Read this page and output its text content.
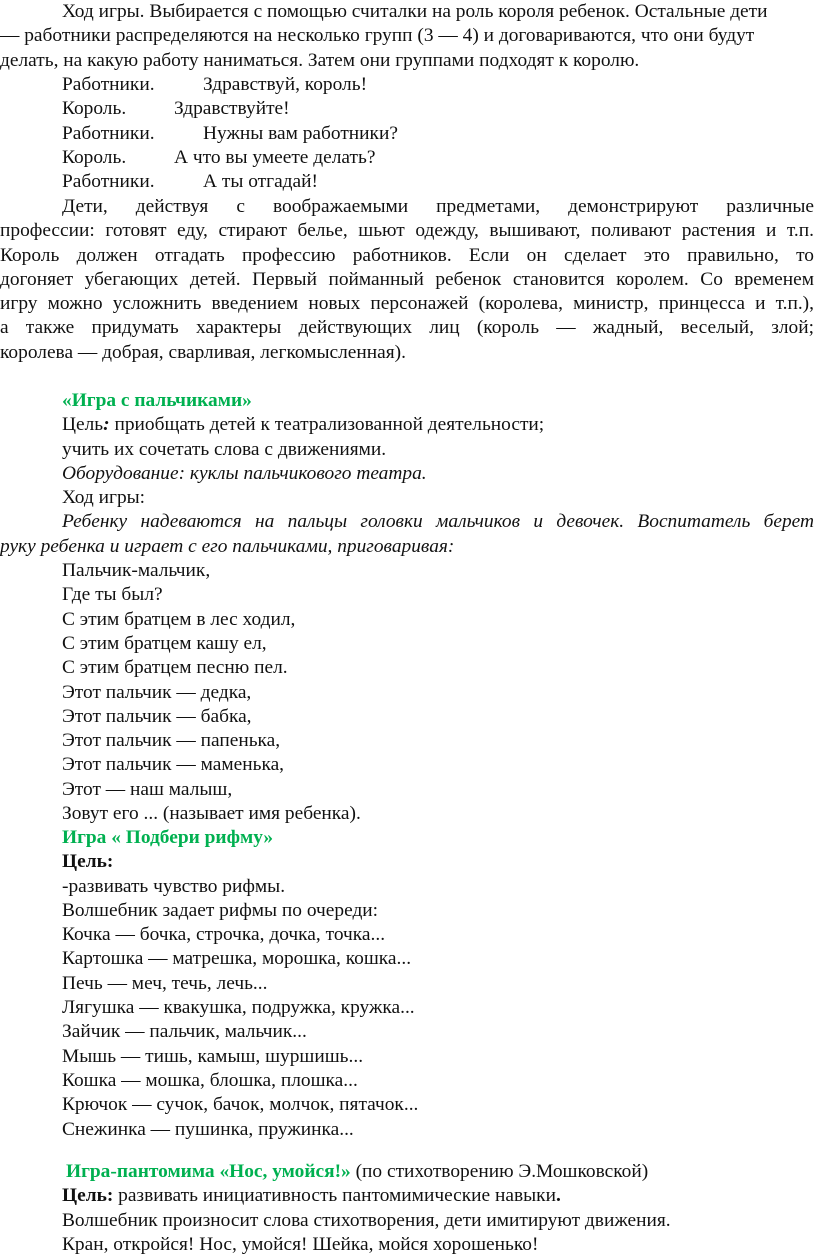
Ход игры. Выбирается с помощью считалки на роль короля ребенок. Остальные дети

— работники распределяются на несколько групп (3 — 4) и договариваются, что они будут

делать, на какую работу наниматься. Затем они группами подходят к королю.

Работники.	Здравствуй, король!
Король.	Здравствуйте!
Работники.	Нужны вам работники?
Король.	А что вы умеете делать?
Работники.	А ты отгадай!

Дети, действуя с воображаемыми предметами, демонстрируют различные

профессии: готовят еду, стирают белье, шьют одежду, вышивают, поливают растения и т.п.

Король должен отгадать профессию работников. Если он сделает это правильно, то

догоняет убегающих детей. Первый пойманный ребенок становится королем. Со временем

игру можно усложнить введением новых персонажей (королева, министр, принцесса и т.п.),

а также придумать характеры действующих лиц (король — жадный, веселый, злой;

королева — добрая, сварливая, легкомысленная).

«Игра с пальчиками»

Цель: приобщать детей к театрализованной деятельности;

учить их сочетать слова с движениями.

Оборудование: куклы пальчикового театра.

Ход игры:

Ребенку надеваются на пальцы головки мальчиков и девочек. Воспитатель берет

руку ребенка и играет с его пальчиками, приговаривая:

Пальчик-мальчик,

Где ты был?

С этим братцем в лес ходил,

С этим братцем кашу ел,

С этим братцем песню пел.

Этот пальчик — дедка,

Этот пальчик — бабка,

Этот пальчик — папенька,

Этот пальчик — маменька,

Этот — наш малыш,

Зовут его ... (называет имя ребенка).

Игра « Подбери рифму»

Цель:

-развивать чувство рифмы.

Волшебник задает рифмы по очереди:

Кочка — бочка, строчка, дочка, точка...

Картошка — матрешка, морошка, кошка...

Печь — меч, течь, лечь...

Лягушка — квакушка, подружка, кружка...

Зайчик — пальчик, мальчик...

Мышь — тишь, камыш, шуршишь...

Кошка — мошка, блошка, плошка...

Крючок — сучок, бачок, молчок, пятачок...

Снежинка — пушинка, пружинка...

Игра-пантомима «Нос, умойся!» (по стихотворению Э.Мошковской)

Цель: развивать инициативность пантомимические навыки.

Волшебник произносит слова стихотворения, дети имитируют движения.

Кран, откройся! Нос, умойся! Шейка, мойся хорошенько!
